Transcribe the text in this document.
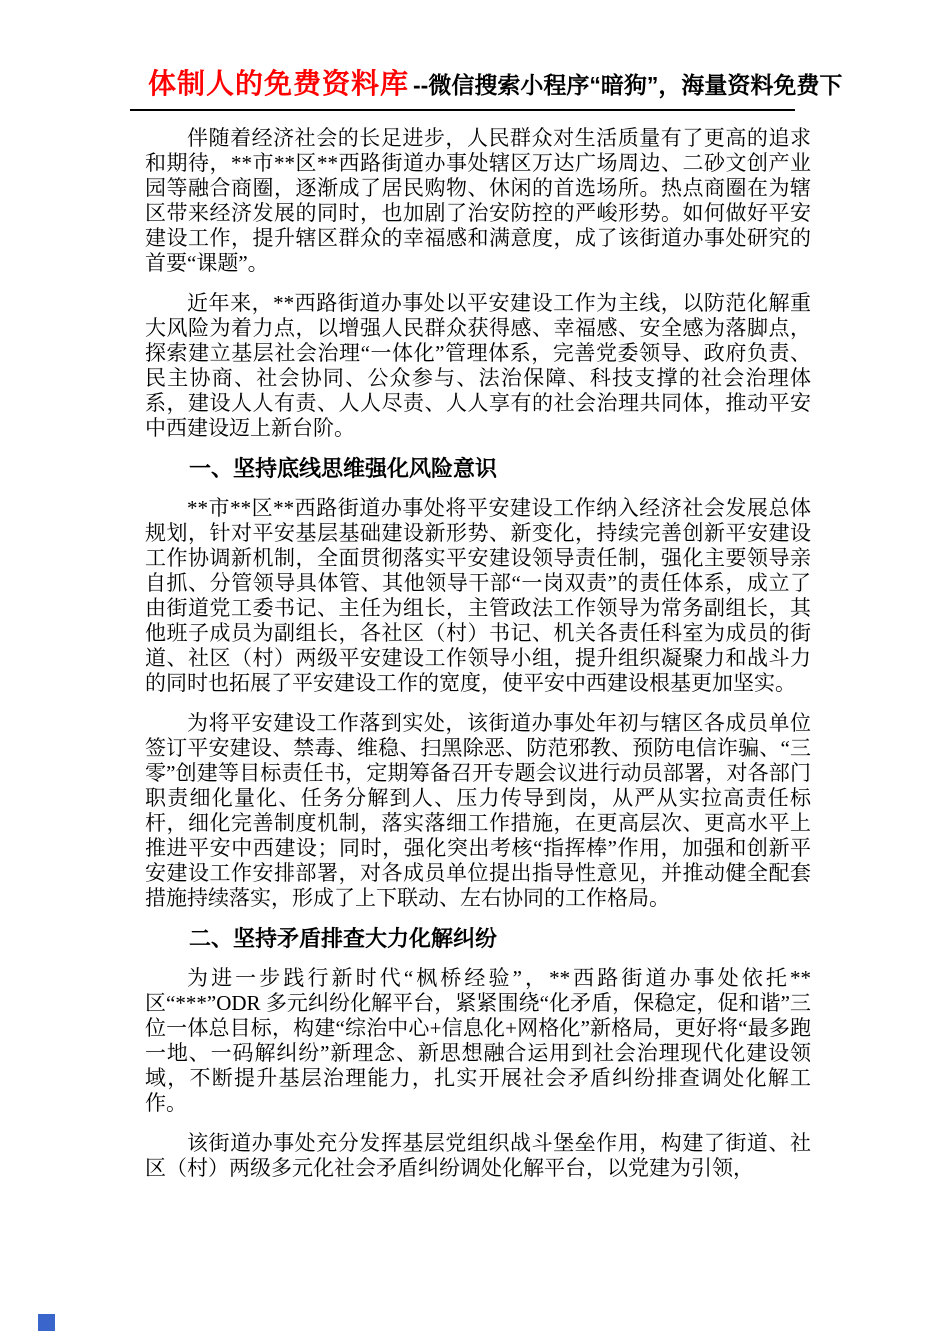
体制人的免费资料库 --微信搜索小程序“暗狗”，海量资料免费下

伴随着经济社会的长足进步，人民群众对生活质量有了更高的追求和期待，**市**区**西路街道办事处辖区万达广场周边、二砂文创产业园等融合商圈，逐渐成了居民购物、休闲的首选场所。热点商圈在为辖区带来经济发展的同时，也加剧了治安防控的严峻形势。如何做好平安建设工作，提升辖区群众的幸福感和满意度，成了该街道办事处研究的首要“课题”。

近年来，**西路街道办事处以平安建设工作为主线，以防范化解重大风险为着力点，以增强人民群众获得感、幸福感、安全感为落脚点，探索建立基层社会治理“一体化”管理体系，完善党委领导、政府负责、民主协商、社会协同、公众参与、法治保障、科技支撑的社会治理体系，建设人人有责、人人尽责、人人享有的社会治理共同体，推动平安中西建设迈上新台阶。

一、坚持底线思维强化风险意识

**市**区**西路街道办事处将平安建设工作纳入经济社会发展总体规划，针对平安基层基础建设新形势、新变化，持续完善创新平安建设工作协调新机制，全面贯彻落实平安建设领导责任制，强化主要领导亲自抓、分管领导具体管、其他领导干部“一岗双责”的责任体系，成立了由街道党工委书记、主任为组长，主管政法工作领导为常务副组长，其他班子成员为副组长，各社区（村）书记、机关各责任科室为成员的街道、社区（村）两级平安建设工作领导小组，提升组织凝聚力和战斗力的同时也拓展了平安建设工作的宽度，使平安中西建设根基更加坚实。

为将平安建设工作落到实处，该街道办事处年初与辖区各成员单位签订平安建设、禁毒、维稳、扫黑除恶、防范邪教、预防电信诈骗、“三零”创建等目标责任书，定期筹备召开专题会议进行动员部署，对各部门职责细化量化、任务分解到人、压力传导到岗，从严从实拉高责任标杆，细化完善制度机制，落实落细工作措施，在更高层次、更高水平上推进平安中西建设；同时，强化突出考核“指挥棒”作用，加强和创新平安建设工作安排部署，对各成员单位提出指导性意见，并推动健全配套措施持续落实，形成了上下联动、左右协同的工作格局。

二、坚持矛盾排查大力化解纠纷

为进一步践行新时代“枫桥经验”，**西路街道办事处依托**区“***”ODR 多元纠纷化解平台，紧紧围绕“化矛盾，保稳定，促和谐”三位一体总目标，构建“综治中心+信息化+网格化”新格局，更好将“最多跑一地、一码解纠纷”新理念、新思想融合运用到社会治理现代化建设领域，不断提升基层治理能力，扎实开展社会矛盾纠纷排查调处化解工作。

该街道办事处充分发挥基层党组织战斗堡垒作用，构建了街道、社区（村）两级多元化社会矛盾纠纷调处化解平台，以党建为引领，
